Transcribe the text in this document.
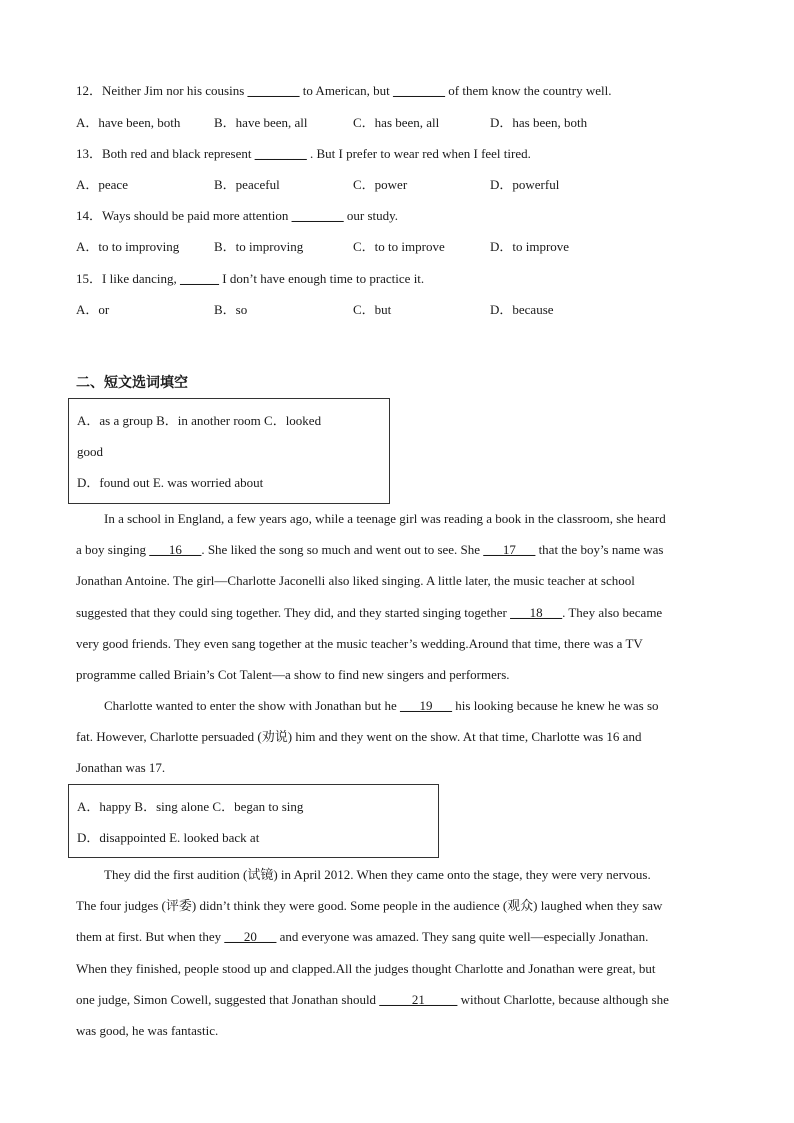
12．Neither Jim nor his cousins ________ to American, but ________ of them know the country well.
A．have been, both	B．have been, all	C．has been, all	D．has been, both
13．Both red and black represent ________ . But I prefer to wear red when I feel tired.
A．peace	B．peaceful	C．power	D．powerful
14．Ways should be paid more attention ________ our study.
A．to to improving	B．to improving	C．to to improve	D．to improve
15．I like dancing, ______ I don’t have enough time to practice it.
A．or	B．so	C．but	D．because
二、短文选词填空
A．as a group B．in another room C．looked
good
D．found out E. was worried about
In a school in England, a few years ago, while a teenage girl was reading a book in the classroom, she heard
a boy singing ___16___. She liked the song so much and went out to see. She ___17___ that the boy’s name was
Jonathan Antoine. The girl—Charlotte Jaconelli also liked singing. A little later, the music teacher at school
suggested that they could sing together. They did, and they started singing together ___18___. They also became
very good friends. They even sang together at the music teacher’s wedding.Around that time, there was a TV
programme called Briain’s Cot Talent—a show to find new singers and performers.
Charlotte wanted to enter the show with Jonathan but he ___19___ his looking because he knew he was so
fat. However, Charlotte persuaded (劝说) him and they went on the show. At that time, Charlotte was 16 and
Jonathan was 17.
A．happy B．sing alone C．began to sing
D．disappointed E. looked back at
They did the first audition (试镜) in April 2012. When they came onto the stage, they were very nervous.
The four judges (评委) didn’t think they were good. Some people in the audience (观众) laughed when they saw
them at first. But when they ___20___ and everyone was amazed. They sang quite well—especially Jonathan.
When they finished, people stood up and clapped.All the judges thought Charlotte and Jonathan were great, but
one judge, Simon Cowell, suggested that Jonathan should _____21_____ without Charlotte, because although she
was good, he was fantastic.
